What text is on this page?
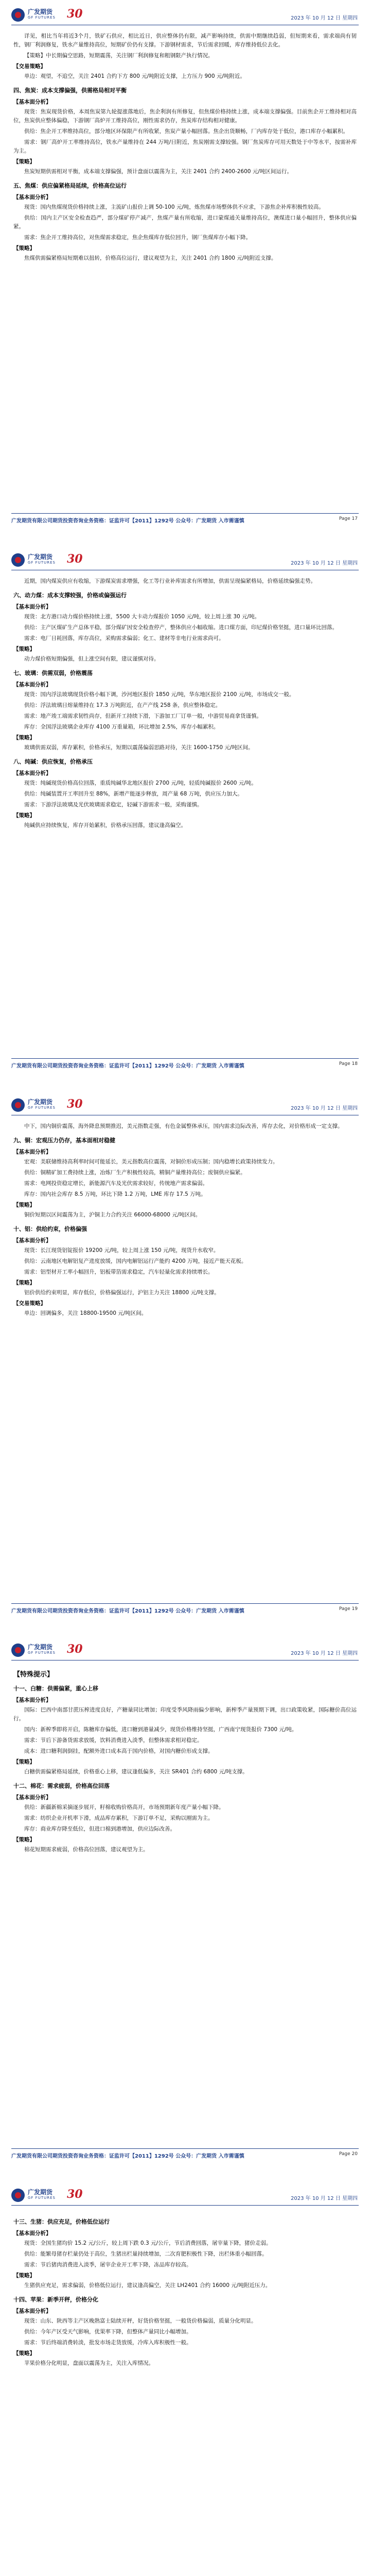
广发期货
GF FUTURES 30	2023 年 10 月 12 日 星期四

详见，相比当年将近3个月，铁矿石供应，相比近日，供应整体仍有限，减产影响持续，供需中期继续趋弱，但短期来看，需求端尚有韧性，钢厂利润修复，铁水产量维持高位，短期矿价仍有支撑。下游钢材需求，节后需求回暖，库存维持低位去化。

【策略】中长期偏空思路，短期震荡，关注钢厂利润修复和粗钢限产执行情况。

【交易策略】

单边：观望，不追空，关注 2401 合约下方 800 元/吨附近支撑，上方压力 900 元/吨附近。

四、焦炭：成本支撑偏强，供需格局相对平衡
【基本面分析】

现货：焦炭现货价格，本周焦炭第九轮提涨落地后，焦企利润有所修复，但焦煤价格持续上涨，成本端支撑偏强。目前焦企开工维持相对高位，焦炭供应整体偏稳，下游钢厂高炉开工维持高位，刚性需求仍存，焦炭库存结构相对健康。

供给：焦企开工率维持高位，部分地区环保限产有所收紧，焦炭产量小幅回落。焦企出货顺畅，厂内库存处于低位，港口库存小幅累积。

需求：钢厂高炉开工率维持高位，铁水产量维持在 244 万吨/日附近，焦炭刚需支撑较强。钢厂焦炭库存可用天数处于中等水平，按需补库为主。

【策略】

焦炭短期供需相对平衡，成本端支撑偏强，预计盘面以震荡为主，关注 2401 合约 2400-2600 元/吨区间运行。

五、焦煤：供应偏紧格局延续，价格高位运行
【基本面分析】

现货：国内焦煤现货价格持续上涨，主流矿山报价上调 50-100 元/吨，炼焦煤市场整体供不应求，下游焦企补库积极性较高。

供给：国内主产区安全检查趋严，部分煤矿停产减产，焦煤产量有所收缩，进口蒙煤通关量维持高位，澳煤进口量小幅回升，整体供应偏紧。

需求：焦企开工维持高位，对焦煤需求稳定，焦企焦煤库存低位回升，钢厂焦煤库存小幅下降。

【策略】

焦煤供需偏紧格局短期难以扭转，价格高位运行，建议观望为主，关注 2401 合约 1800 元/吨附近支撑。

广发期货有限公司期货投资咨询业务资格：证监许可【2011】1292号 公众号：广发期货 入市需谨慎	Page 17
广发期货
GF FUTURES 30	2023 年 10 月 12 日 星期四

近期，国内煤炭供应有收缩，下游煤炭需求增强，化工等行业补库需求有所增加，供需呈现偏紧格局，价格延续偏强走势。

六、动力煤：成本支撑较强，价格或偏强运行
【基本面分析】

现货：北方港口动力煤价格持续上涨，5500 大卡动力煤报价 1050 元/吨，较上周上涨 30 元/吨。

供给：主产区煤矿生产总体平稳，部分煤矿因安全检查停产，整体供应小幅收缩。进口煤方面，印尼煤价格坚挺，进口量环比回落。

需求：电厂日耗回落，库存高位，采购需求偏弱；化工、建材等非电行业需求尚可。

【策略】

动力煤价格短期偏强，但上涨空间有限，建议谨慎对待。

七、玻璃：供需双弱，价格震荡
【基本面分析】

现货：国内浮法玻璃现货价格小幅下调，沙河地区报价 1850 元/吨，华东地区报价 2100 元/吨，市场成交一般。

供给：浮法玻璃日熔量维持在 17.3 万吨附近，在产产线 258 条，供应整体稳定。

需求：地产竣工端需求韧性尚存，但新开工持续下滑，下游加工厂订单一般，中游贸易商拿货谨慎。

库存：全国浮法玻璃企业库存 4100 万重量箱，环比增加 2.5%，库存小幅累积。

【策略】

玻璃供需双弱，库存累积，价格承压，短期以震荡偏弱思路对待，关注 1600-1750 元/吨区间。

八、纯碱：供应恢复，价格承压
【基本面分析】

现货：纯碱现货价格高位回落，重质纯碱华北地区报价 2700 元/吨，轻质纯碱报价 2600 元/吨。

供给：纯碱装置开工率回升至 88%，新增产能逐步释放，周产量 68 万吨，供应压力加大。

需求：下游浮法玻璃及光伏玻璃需求稳定，轻碱下游需求一般，采购谨慎。

【策略】

纯碱供应持续恢复，库存开始累积，价格承压回落，建议逢高偏空。

广发期货有限公司期货投资咨询业务资格：证监许可【2011】1292号 公众号：广发期货 入市需谨慎	Page 18
广发期货
GF FUTURES 30	2023 年 10 月 12 日 星期四

中下，国内铜价震荡，海外降息预期推迟，美元指数走强，有色金属整体承压，国内需求边际改善，库存去化，对价格形成一定支撑。

九、铜：宏观压力仍存，基本面相对稳健
【基本面分析】

宏观：美联储维持高利率时间可能延长，美元指数高位震荡，对铜价形成压制；国内稳增长政策持续发力。

供给：铜精矿加工费持续上涨，冶炼厂生产积极性较高，精铜产量维持高位；废铜供应偏紧。

需求：电网投资稳定增长，新能源汽车及光伏需求较好，传统地产需求偏弱。

库存：国内社会库存 8.5 万吨，环比下降 1.2 万吨，LME 库存 17.5 万吨。

【策略】

铜价短期以区间震荡为主，沪铜主力合约关注 66000-68000 元/吨区间。

十、铝：供给约束，价格偏强
【基本面分析】

现货：长江现货铝锭报价 19200 元/吨，较上周上涨 150 元/吨，现货升水收窄。

供给：云南地区电解铝复产进度放缓，国内电解铝运行产能约 4200 万吨，接近产能天花板。

需求：铝型材开工率小幅回升，铝板带箔需求稳定，汽车轻量化需求持续增长。

【策略】

铝价供给约束明显，库存低位，价格偏强运行，沪铝主力关注 18800 元/吨支撑。

【交易策略】

单边：回调偏多，关注 18800-19500 元/吨区间。

广发期货有限公司期货投资咨询业务资格：证监许可【2011】1292号 公众号：广发期货 入市需谨慎	Page 19
广发期货
GF FUTURES 30	2023 年 10 月 12 日 星期四
【特殊提示】
十一、白糖：供需偏紧，重心上移
【基本面分析】

国际：巴西中南部甘蔗压榨进度良好，产糖量同比增加；印度受季风降雨偏少影响，新榨季产量预期下调，出口政策收紧，国际糖价高位运行。

国内：新榨季即将开启，陈糖库存偏低，进口糖到港量减少，现货价格维持坚挺，广西南宁现货报价 7300 元/吨。

需求：节后下游备货需求放缓，饮料消费进入淡季，但整体需求相对稳定。

成本：进口糖利润倒挂，配额外进口成本高于国内价格，对国内糖价形成支撑。

【策略】

白糖供需偏紧格局延续，价格重心上移，建议逢低偏多，关注 SR401 合约 6800 元/吨支撑。

十二、棉花：需求疲弱，价格高位回落
【基本面分析】

供给：新疆新棉采摘逐步展开，籽棉收购价格高开，市场预期新年度产量小幅下降。

需求：纺织企业开机率下滑，成品库存累积，下游订单不足，采购以刚需为主。

库存：商业库存降至低位，但进口棉到港增加，供应边际改善。

【策略】

棉花短期需求疲弱，价格高位回落，建议观望为主。

广发期货有限公司期货投资咨询业务资格：证监许可【2011】1292号 公众号：广发期货 入市需谨慎	Page 20
广发期货
GF FUTURES 30	2023 年 10 月 12 日 星期四
十三、生猪：供应充足，价格低位运行
【基本面分析】

现货：全国生猪均价 15.2 元/公斤，较上周下跌 0.3 元/公斤，节后消费回落，屠宰量下降，猪价走弱。

供给：能繁母猪存栏量仍处于高位，生猪出栏量持续增加，二次育肥积极性下降，出栏体重小幅回落。

需求：节后猪肉消费进入淡季，屠宰企业开工率下降，冻品库存较高。

【策略】

生猪供应充足，需求偏弱，价格低位运行，建议逢高偏空，关注 LH2401 合约 16000 元/吨附近压力。

十四、苹果：新季开秤，价格分化
【基本面分析】

现货：山东、陕西等主产区晚熟富士陆续开秤，好货价格坚挺，一般货价格偏弱，质量分化明显。

供给：今年产区受天气影响，优果率下降，但整体产量同比小幅增加。

需求：节后终端消费转淡，批发市场走货放缓，冷库入库积极性一般。

【策略】

苹果价格分化明显，盘面以震荡为主，关注入库情况。
